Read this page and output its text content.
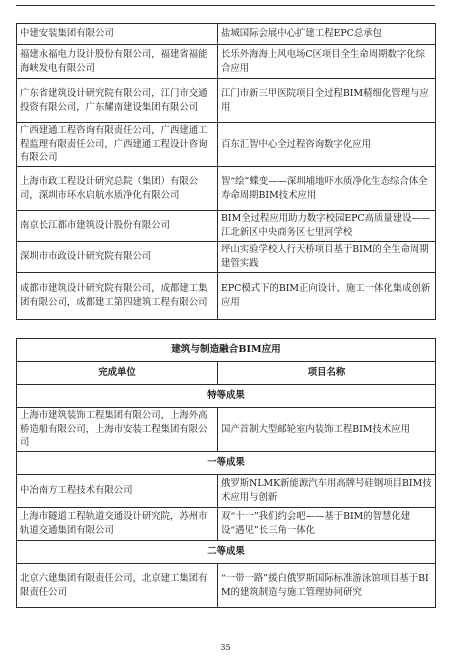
中建安装集团有限公司	盐城国际会展中心扩建工程EPC总承包
福建永福电力设计股份有限公司，福建省福能海峡发电有限公司	长乐外海海上风电场C区项目全生命周期数字化综合应用
广东省建筑设计研究院有限公司，江门市交通投资有限公司，广东耀南建设集团有限公司	江门市新三甲医院项目全过程BIM精细化管理与应用
广西建通工程咨询有限责任公司，广西建通工程监理有限责任公司，广西建通工程设计咨询有限公司	百东汇智中心全过程咨询数字化应用
上海市政工程设计研究总院（集团）有限公司，深圳市环水启航水质净化有限公司	智“绘”蝶变——深圳埔地吓水质净化生态综合体全寿命周期BIM技术应用
南京长江都市建筑设计股份有限公司	BIM全过程应用助力数字校园EPC高质量建设——江北新区中央商务区七里河学校
深圳市市政设计研究院有限公司	坪山实验学校人行天桥项目基于BIM的全生命周期建管实践
成都市建筑设计研究院有限公司，成都建工集团有限公司，成都建工第四建筑工程有限公司	EPC模式下的BIM正向设计、施工一体化集成创新应用
建筑与制造融合BIM应用	
完成单位	项目名称
特等成果	
上海市建筑装饰工程集团有限公司，上海外高桥造船有限公司，上海市安装工程集团有限公司	国产首制大型邮轮室内装饰工程BIM技术应用
一等成果	
中冶南方工程技术有限公司	俄罗斯NLMK新能源汽车用高牌号硅钢项目BIM技术应用与创新
上海市隧道工程轨道交通设计研究院，苏州市轨道交通集团有限公司	双“十一”我们约会吧——基于BIM的智慧化建设“遇见”长三角一体化
二等成果	
北京六建集团有限责任公司，北京建工集团有限责任公司	“一带一路”援白俄罗斯国际标准游泳馆项目基于BIM的建筑制造与施工管理协同研究
35
